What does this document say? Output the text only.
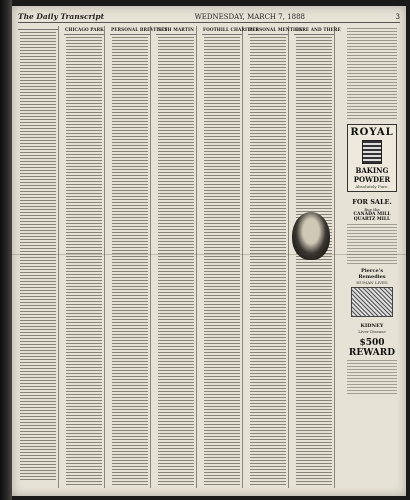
The Daily Transcript	WEDNESDAY, MARCH 7, 1888	3
CHICAGO PARK PERSONAL BREVITIES
SETH MARTIN	FOOTHILL CHARITIES
PERSONAL MENTION
HERE AND THERE
ROYAL
BAKING
POWDER
Absolutely Pure.
FOR SALE.
Buy the
CANADA MILL QUARTZ MILL
Pierce's Remedies
HUMAN LIVES
KIDNEY
Liver Disease
$500 REWARD
